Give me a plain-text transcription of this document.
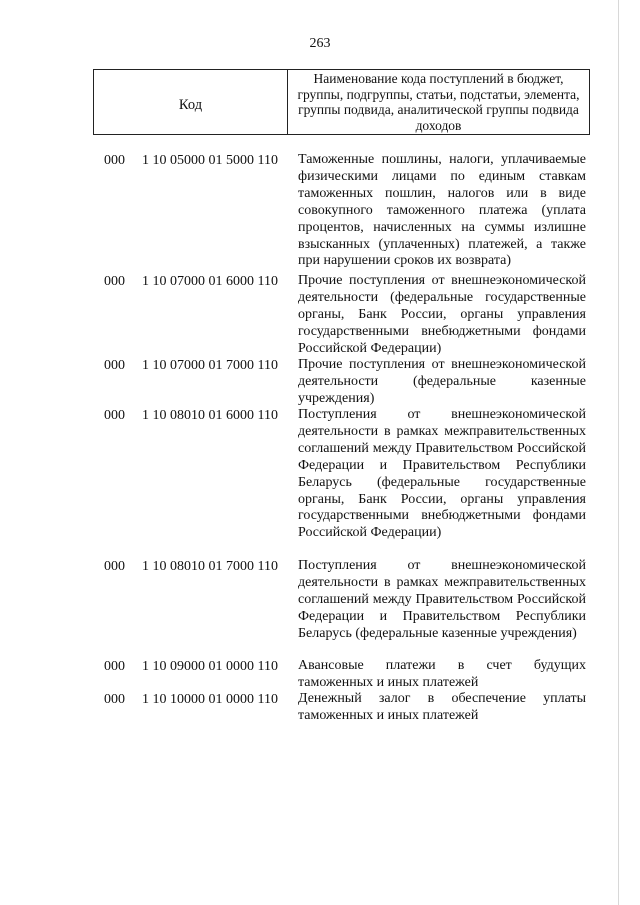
263
Код
Наименование кода поступлений в бюджет, группы, подгруппы, статьи, подстатьи, элемента, группы подвида, аналитической группы подвида доходов
000 1 10 05000 01 5000 110 Таможенные пошлины, налоги, уплачиваемые физическими лицами по единым ставкам таможенных пошлин, налогов или в виде совокупного таможенного платежа (уплата процентов, начисленных на суммы излишне взысканных (уплаченных) платежей, а также при нарушении сроков их возврата)
000 1 10 07000 01 6000 110 Прочие поступления от внешнеэкономической деятельности (федеральные государственные органы, Банк России, органы управления государственными внебюджетными фондами Российской Федерации)
000 1 10 07000 01 7000 110 Прочие поступления от внешнеэкономической деятельности (федеральные казенные учреждения)
000 1 10 08010 01 6000 110 Поступления от внешнеэкономической деятельности в рамках межправительственных соглашений между Правительством Российской Федерации и Правительством Республики Беларусь (федеральные государственные органы, Банк России, органы управления государственными внебюджетными фондами Российской Федерации)
000 1 10 08010 01 7000 110 Поступления от внешнеэкономической деятельности в рамках межправительственных соглашений между Правительством Российской Федерации и Правительством Республики Беларусь (федеральные казенные учреждения)
000 1 10 09000 01 0000 110 Авансовые платежи в счет будущих таможенных и иных платежей
000 1 10 10000 01 0000 110 Денежный залог в обеспечение уплаты таможенных и иных платежей
